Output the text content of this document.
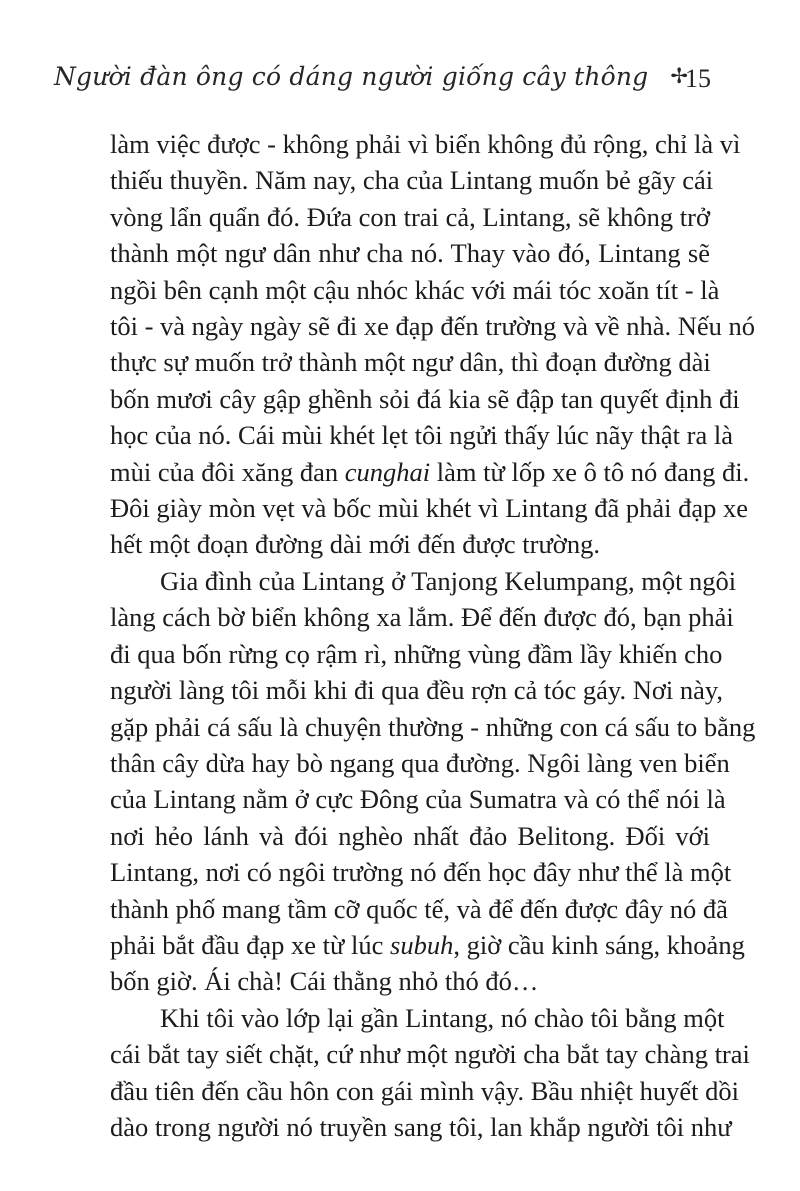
Người đàn ông có dáng người giống cây thông ✢
15

làm việc được - không phải vì biển không đủ rộng, chỉ là vì
thiếu thuyền. Năm nay, cha của Lintang muốn bẻ gãy cái
vòng lẩn quẩn đó. Đứa con trai cả, Lintang, sẽ không trở
thành một ngư dân như cha nó. Thay vào đó, Lintang sẽ
ngồi bên cạnh một cậu nhóc khác với mái tóc xoăn tít - là
tôi - và ngày ngày sẽ đi xe đạp đến trường và về nhà. Nếu nó
thực sự muốn trở thành một ngư dân, thì đoạn đường dài
bốn mươi cây gập ghềnh sỏi đá kia sẽ đập tan quyết định đi
học của nó. Cái mùi khét lẹt tôi ngửi thấy lúc nãy thật ra là
mùi của đôi xăng đan cunghai làm từ lốp xe ô tô nó đang đi.
Đôi giày mòn vẹt và bốc mùi khét vì Lintang đã phải đạp xe
hết một đoạn đường dài mới đến được trường.

Gia đình của Lintang ở Tanjong Kelumpang, một ngôi
làng cách bờ biển không xa lắm. Để đến được đó, bạn phải
đi qua bốn rừng cọ rậm rì, những vùng đầm lầy khiến cho
người làng tôi mỗi khi đi qua đều rợn cả tóc gáy. Nơi này,
gặp phải cá sấu là chuyện thường - những con cá sấu to bằng
thân cây dừa hay bò ngang qua đường. Ngôi làng ven biển
của Lintang nằm ở cực Đông của Sumatra và có thể nói là
nơi hẻo lánh và đói nghèo nhất đảo Belitong. Đối với
Lintang, nơi có ngôi trường nó đến học đây như thể là một
thành phố mang tầm cỡ quốc tế, và để đến được đây nó đã
phải bắt đầu đạp xe từ lúc subuh, giờ cầu kinh sáng, khoảng
bốn giờ. Ái chà! Cái thằng nhỏ thó đó…

Khi tôi vào lớp lại gần Lintang, nó chào tôi bằng một
cái bắt tay siết chặt, cứ như một người cha bắt tay chàng trai
đầu tiên đến cầu hôn con gái mình vậy. Bầu nhiệt huyết dồi
dào trong người nó truyền sang tôi, lan khắp người tôi như
